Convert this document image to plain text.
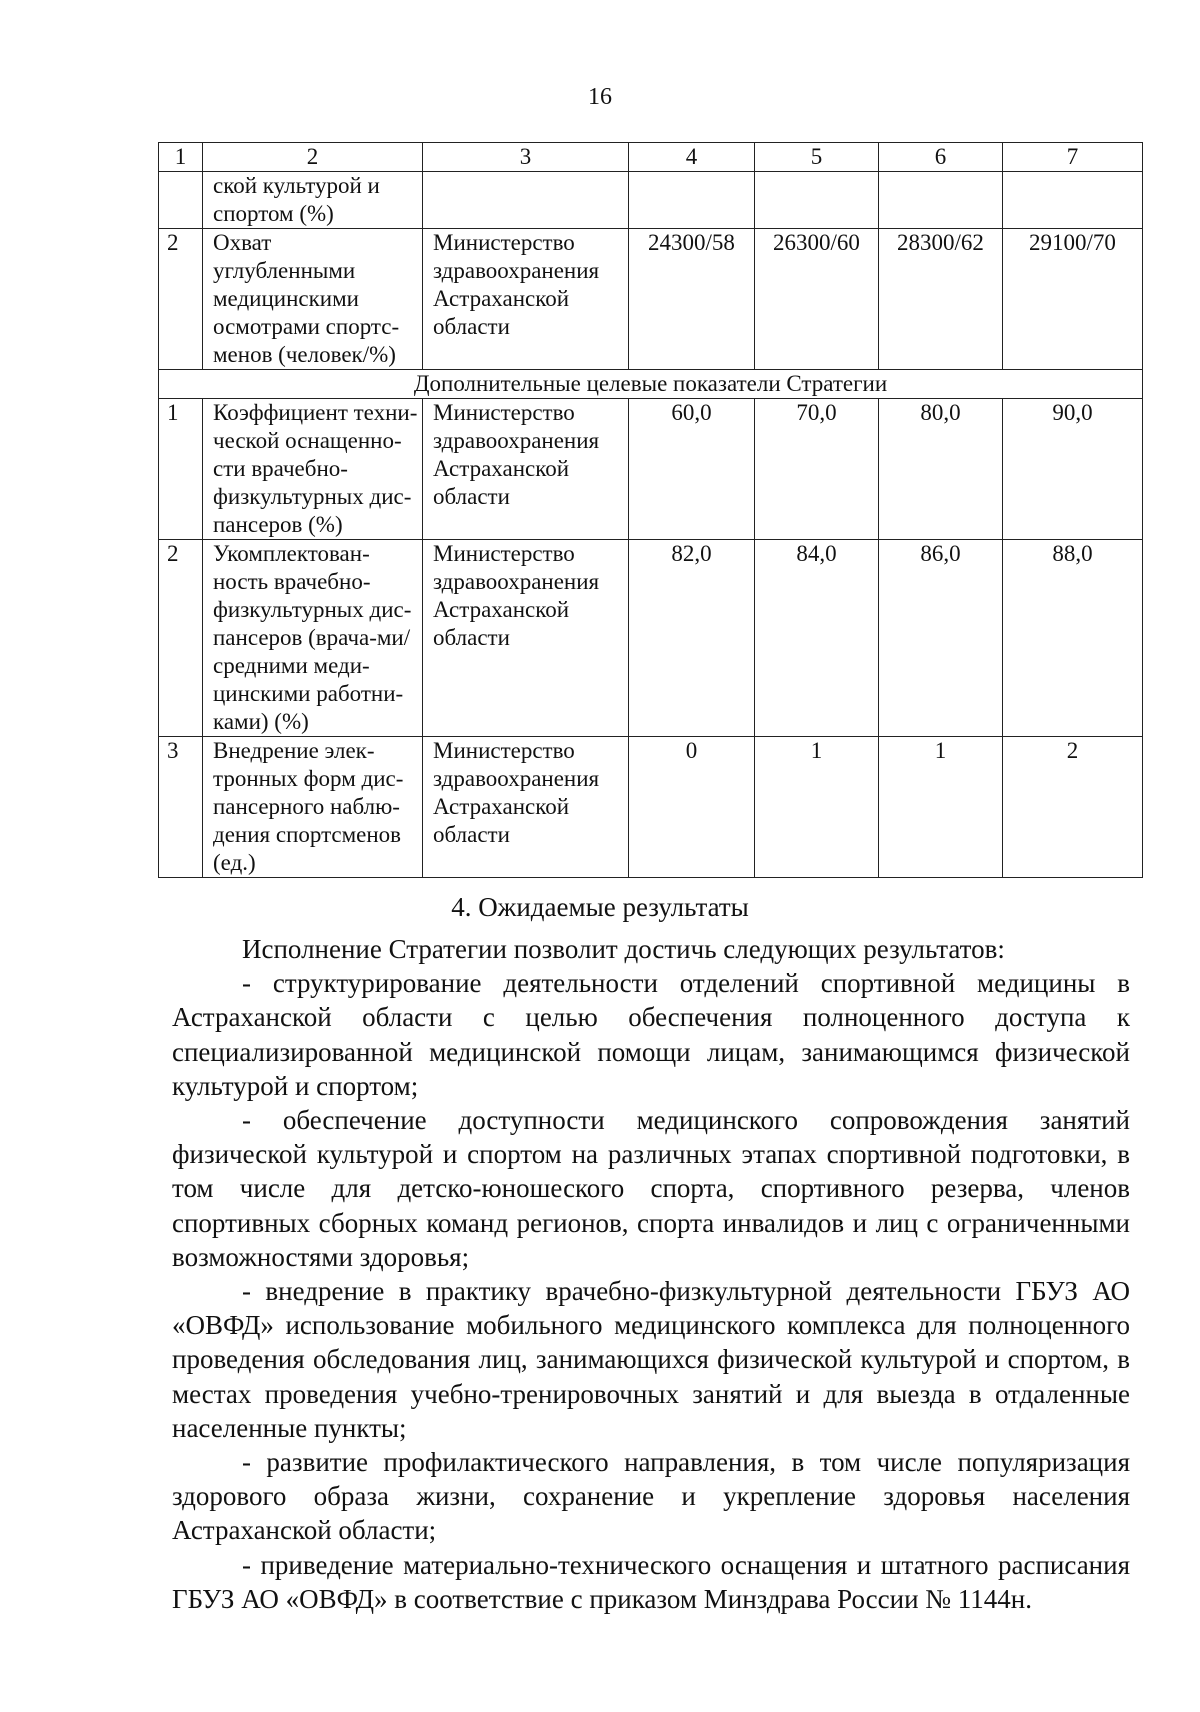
16
1	2	3	4	5	6	7
	ской культурой и спортом (%)					
2	Охват углубленными медицинскими осмотрами спортс-менов (человек/%)	Министерство здравоохранения Астраханской области	24300/58	26300/60	28300/62	29100/70
Дополнительные целевые показатели Стратегии						
1	Коэффициент техни-ческой оснащенно-сти врачебно-физкультурных дис-пансеров (%)	Министерство здравоохранения Астраханской области	60,0	70,0	80,0	90,0
2	Укомплектован-ность врачебно-физкультурных дис-пансеров (врача-ми/средними меди-цинскими работни-ками) (%)	Министерство здравоохранения Астраханской области	82,0	84,0	86,0	88,0
3	Внедрение элек-тронных форм дис-пансерного наблю-дения спортсменов (ед.)	Министерство здравоохранения Астраханской области	0	1	1	2
4. Ожидаемые результаты

Исполнение Стратегии позволит достичь следующих результатов:

- структурирование деятельности отделений спортивной медицины в Астраханской области с целью обеспечения полноценного доступа к специализированной медицинской помощи лицам, занимающимся физической культурой и спортом;

- обеспечение доступности медицинского сопровождения занятий физической культурой и спортом на различных этапах спортивной подготовки, в том числе для детско-юношеского спорта, спортивного резерва, членов спортивных сборных команд регионов, спорта инвалидов и лиц с ограниченными возможностями здоровья;

- внедрение в практику врачебно-физкультурной деятельности ГБУЗ АО «ОВФД» использование мобильного медицинского комплекса для полноценного проведения обследования лиц, занимающихся физической культурой и спортом, в местах проведения учебно-тренировочных занятий и для выезда в отдаленные населенные пункты;

- развитие профилактического направления, в том числе популяризация здорового образа жизни, сохранение и укрепление здоровья населения Астраханской области;

- приведение материально-технического оснащения и штатного расписания ГБУЗ АО «ОВФД» в соответствие с приказом Минздрава России № 1144н.
